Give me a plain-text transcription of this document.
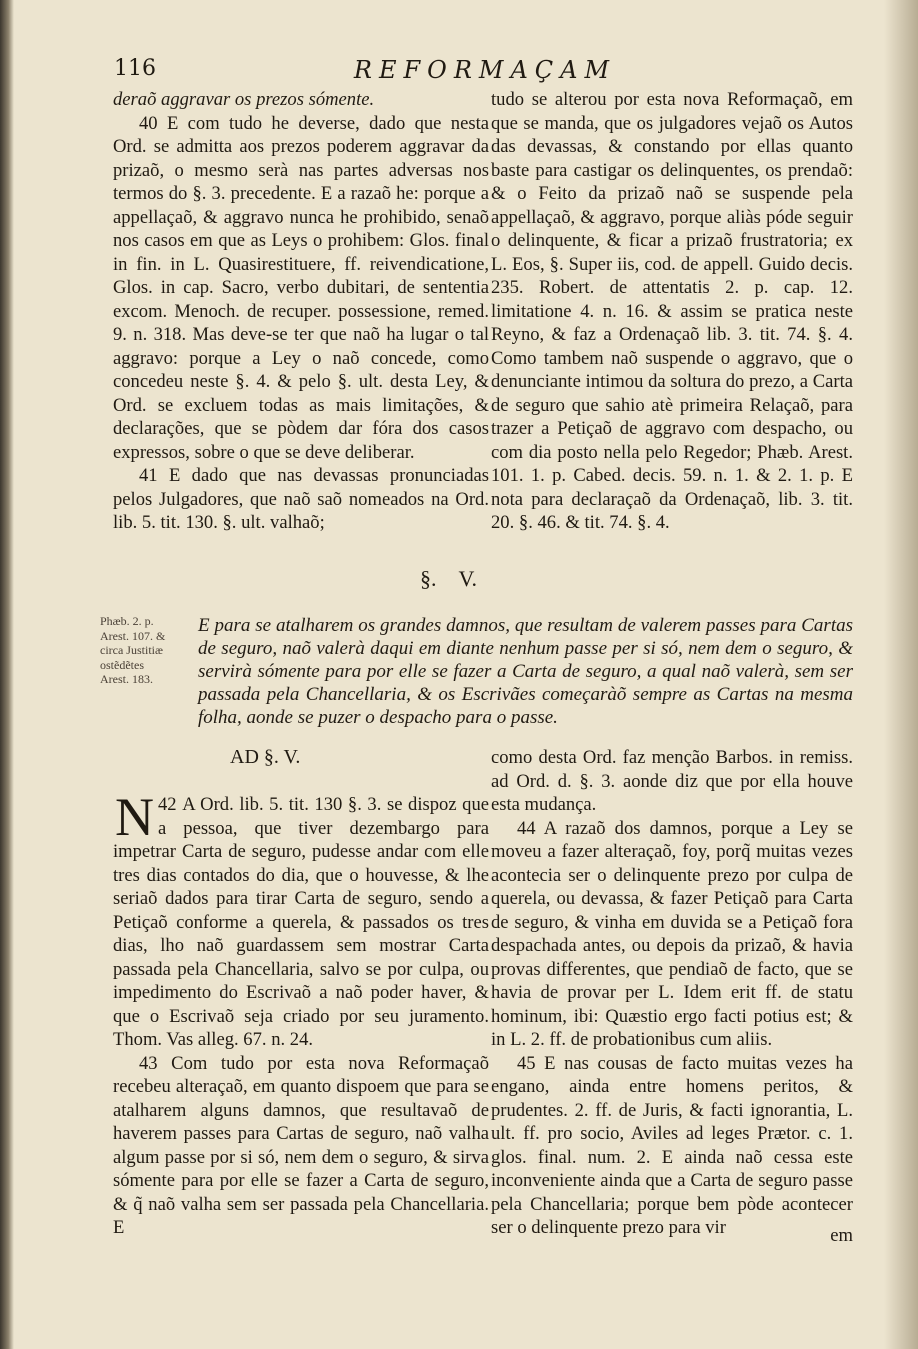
116	REFORMAÇAM

deraõ aggravar os prezos sómente.

40 E com tudo he deverse, dado que nesta Ord. se admitta aos prezos poderem aggravar da prizaõ, o mesmo serà nas partes adversas nos termos do §. 3. precedente. E a razaõ he: porque a appellaçaõ, & aggravo nunca he prohibido, senaõ nos casos em que as Leys o prohibem: Glos. final in fin. in L. Quasirestituere, ff. reivendicatione, Glos. in cap. Sacro, verbo dubitari, de sententia excom. Menoch. de recuper. possessione, remed. 9. n. 318. Mas deve-se ter que naõ ha lugar o tal aggravo: porque a Ley o naõ concede, como concedeu neste §. 4. & pelo §. ult. desta Ley, & Ord. se excluem todas as mais limitações, & declarações, que se pòdem dar fóra dos casos expressos, sobre o que se deve deliberar.

41 E dado que nas devassas pronunciadas pelos Julgadores, que naõ saõ nomeados na Ord. lib. 5. tit. 130. §. ult. valhaõ;

tudo se alterou por esta nova Reformaçaõ, em que se manda, que os julgadores vejaõ os Autos das devassas, & constando por ellas quanto baste para castigar os delinquentes, os prendaõ: & o Feito da prizaõ naõ se suspende pela appellaçaõ, & aggravo, porque aliàs póde seguir o delinquente, & ficar a prizaõ frustratoria; ex L. Eos, §. Super iis, cod. de appell. Guido decis. 235. Robert. de attentatis 2. p. cap. 12. limitatione 4. n. 16. & assim se pratica neste Reyno, & faz a Ordenaçaõ lib. 3. tit. 74. §. 4. Como tambem naõ suspende o aggravo, que o denunciante intimou da soltura do prezo, a Carta de seguro que sahio atè primeira Relaçaõ, para trazer a Petiçaõ de aggravo com despacho, ou com dia posto nella pelo Regedor; Phæb. Arest. 101. 1. p. Cabed. decis. 59. n. 1. & 2. 1. p. E nota para declaraçaõ da Ordenaçaõ, lib. 3. tit. 20. §. 46. & tit. 74. §. 4.

§. V.
Phæb. 2. p. Arest. 107. & circa Justitiæ ostẽdẽtes Arest. 183.
E para se atalharem os grandes damnos, que resultam de valerem passes para Cartas de seguro, naõ valerà daqui em diante nenhum passe per si só, nem dem o seguro, & servirà sómente para por elle se fazer a Carta de seguro, a qual naõ valerà, sem ser passada pela Chancellaria, & os Escrivães começaràõ sempre as Cartas na mesma folha, aonde se puzer o despacho para o passe.
AD §. V.

42
N A Ord. lib. 5. tit. 130 §. 3. se dispoz que a pessoa, que tiver dezembargo para impetrar Carta de seguro, pudesse andar com elle tres dias contados do dia, que o houvesse, & lhe seriaõ dados para tirar Carta de seguro, sendo a Petiçaõ conforme a querela, & passados os tres dias, lho naõ guardassem sem mostrar Carta passada pela Chancellaria, salvo se por culpa, ou impedimento do Escrivaõ a naõ poder haver, & que o Escrivaõ seja criado por seu juramento. Thom. Vas alleg. 67. n. 24.

43 Com tudo por esta nova Reformaçaõ recebeu alteraçaõ, em quanto dispoem que para se atalharem alguns damnos, que resultavaõ de haverem passes para Cartas de seguro, naõ valha algum passe por si só, nem dem o seguro, & sirva sómente para por elle se fazer a Carta de seguro, & q̃ naõ valha sem ser passada pela Chancellaria. E

como desta Ord. faz menção Barbos. in remiss. ad Ord. d. §. 3. aonde diz que por ella houve esta mudança.

44 A razaõ dos damnos, porque a Ley se moveu a fazer alteraçaõ, foy, porq̃ muitas vezes acontecia ser o delinquente prezo por culpa de querela, ou devassa, & fazer Petiçaõ para Carta de seguro, & vinha em duvida se a Petiçaõ fora despachada antes, ou depois da prizaõ, & havia provas differentes, que pendiaõ de facto, que se havia de provar per L. Idem erit ff. de statu hominum, ibi: Quæstio ergo facti potius est; & in L. 2. ff. de probationibus cum aliis.

45 E nas cousas de facto muitas vezes ha engano, ainda entre homens peritos, & prudentes. 2. ff. de Juris, & facti ignorantia, L. ult. ff. pro socio, Aviles ad leges Prætor. c. 1. glos. final. num. 2. E ainda naõ cessa este inconveniente ainda que a Carta de seguro passe pela Chancellaria; porque bem pòde acontecer ser o delinquente prezo para vir	em
